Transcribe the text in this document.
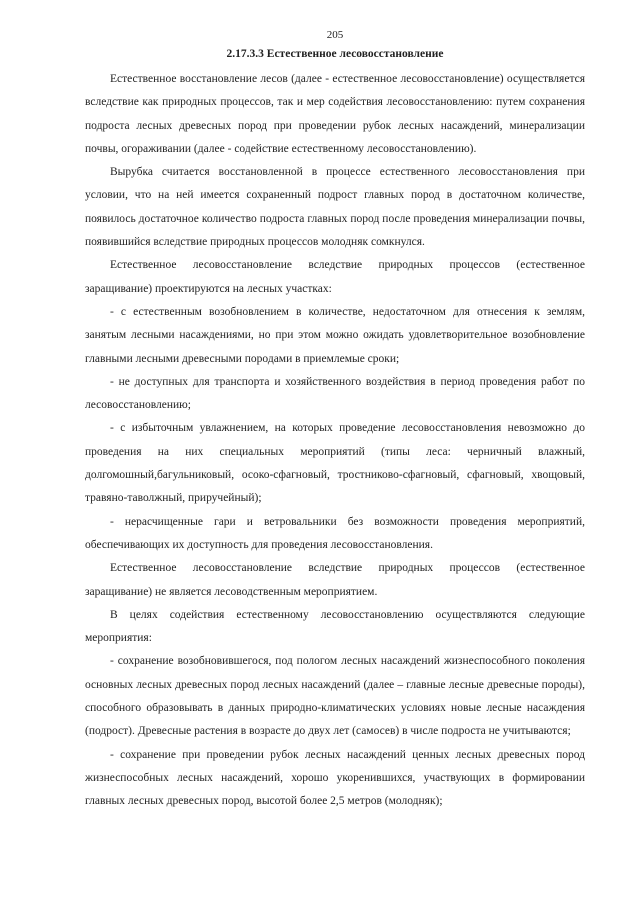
205
2.17.3.3 Естественное лесовосстановление

Естественное восстановление лесов (далее - естественное лесовосстановление) осуществляется вследствие как природных процессов, так и мер содействия лесовосстановлению: путем сохранения подроста лесных древесных пород при проведении рубок лесных насаждений, минерализации почвы, огораживании (далее - содействие естественному лесовосстановлению).

Вырубка считается восстановленной в процессе естественного лесовосстановления при условии, что на ней имеется сохраненный подрост главных пород в достаточном количестве, появилось достаточное количество подроста главных пород после проведения минерализации почвы, появившийся вследствие природных процессов молодняк сомкнулся.

Естественное лесовосстановление вследствие природных процессов (естественное заращивание) проектируются на лесных участках:

- с естественным возобновлением в количестве, недостаточном для отнесения к землям, занятым лесными насаждениями, но при этом можно ожидать удовлетворительное возобновление главными лесными древесными породами в приемлемые сроки;

- не доступных для транспорта и хозяйственного воздействия в период проведения работ по лесовосстановлению;

- с избыточным увлажнением, на которых проведение лесовосстановления невозможно до проведения на них специальных мероприятий (типы леса: черничный влажный, долгомошный,багульниковый, осоко-сфагновый, тростниково-сфагновый, сфагновый, хвощовый, травяно-таволжный, приручейный);

- нерасчищенные гари и ветровальники без возможности проведения мероприятий, обеспечивающих их доступность для проведения лесовосстановления.

Естественное лесовосстановление вследствие природных процессов (естественное заращивание) не является лесоводственным мероприятием.

В целях содействия естественному лесовосстановлению осуществляются следующие мероприятия:

- сохранение возобновившегося, под пологом лесных насаждений жизнеспособного поколения основных лесных древесных пород лесных насаждений (далее – главные лесные древесные породы), способного образовывать в данных природно-климатических условиях новые лесные насаждения (подрост). Древесные растения в возрасте до двух лет (самосев) в числе подроста не учитываются;

- сохранение при проведении рубок лесных насаждений ценных лесных древесных пород жизнеспособных лесных насаждений, хорошо укоренившихся, участвующих в формировании главных лесных древесных пород, высотой более 2,5 метров (молодняк);
